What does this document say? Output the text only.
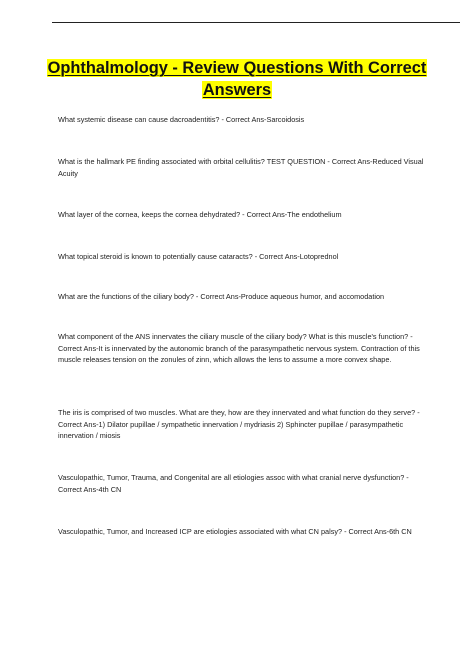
Ophthalmology - Review Questions With Correct
Answers
What systemic disease can cause dacroadentitis? - Correct Ans-Sarcoidosis
What is the hallmark PE finding associated with orbital cellulitis? TEST QUESTION - Correct Ans-Reduced Visual Acuity
What layer of the cornea, keeps the cornea dehydrated? - Correct Ans-The endothelium
What topical steroid is known to potentially cause cataracts? - Correct Ans-Lotoprednol
What are the functions of the ciliary body? - Correct Ans-Produce aqueous humor, and accomodation
What component of the ANS innervates the ciliary muscle of the ciliary body? What is this muscle's function? - Correct Ans-It is innervated by the autonomic branch of the parasympathetic nervous system. Contraction of this muscle releases tension on the zonules of zinn, which allows the lens to assume a more convex shape.
The iris is comprised of two muscles. What are they, how are they innervated and what function do they serve? - Correct Ans-1) Dilator pupillae / sympathetic innervation / mydriasis 2) Sphincter pupillae / parasympathetic innervation / miosis
Vasculopathic, Tumor, Trauma, and Congenital are all etiologies assoc with what cranial nerve dysfunction? - Correct Ans-4th CN
Vasculopathic, Tumor, and Increased ICP are etiologies associated with what CN palsy? - Correct Ans-6th CN
